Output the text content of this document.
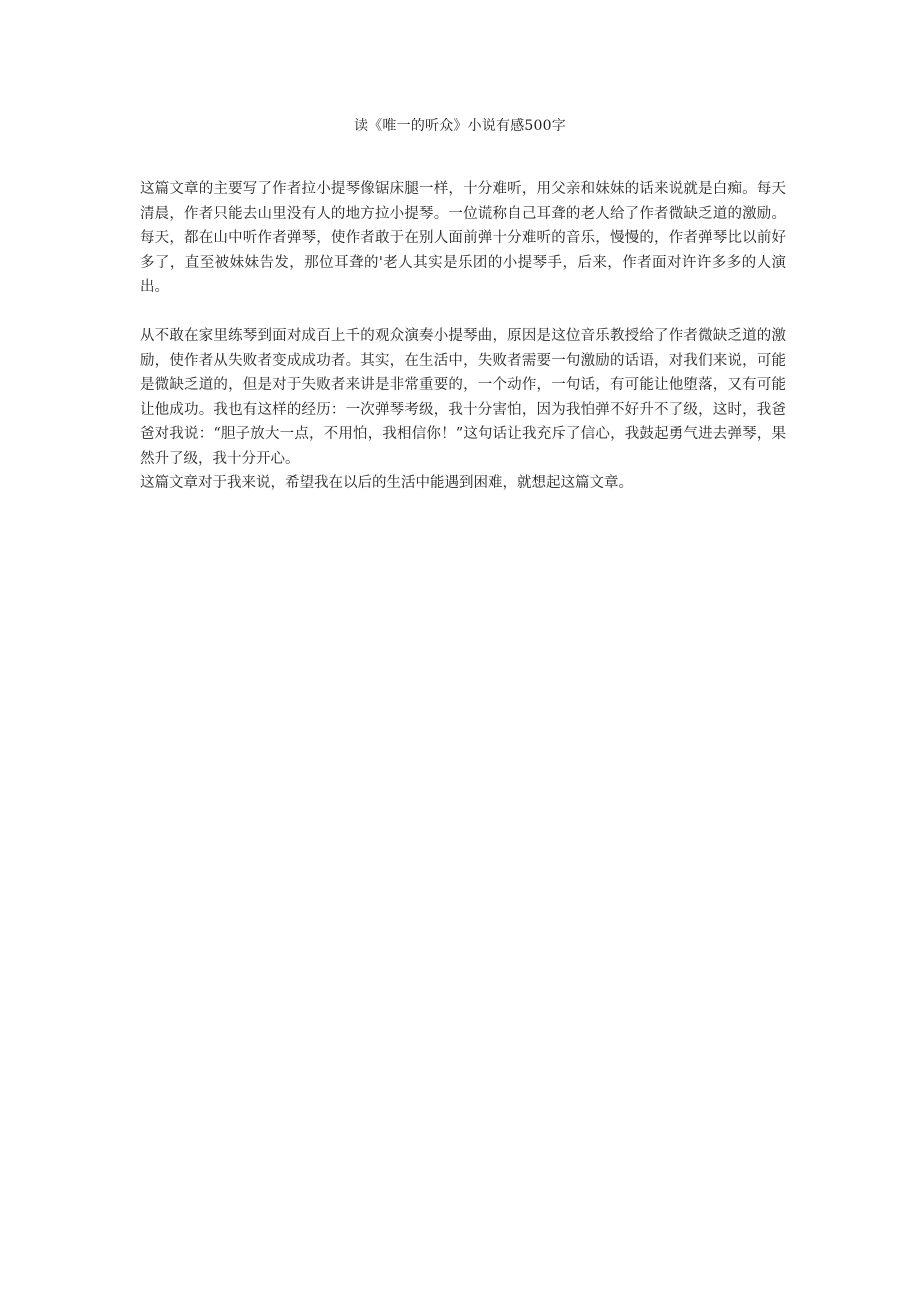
读《唯一的听众》小说有感500字

这篇文章的主要写了作者拉小提琴像锯床腿一样，十分难听，用父亲和妹妹的话来说就是白痴。每天清晨，作者只能去山里没有人的地方拉小提琴。一位谎称自己耳聋的老人给了作者微缺乏道的激励。每天，都在山中听作者弹琴，使作者敢于在别人面前弹十分难听的音乐，慢慢的，作者弹琴比以前好多了，直至被妹妹告发，那位耳聋的'老人其实是乐团的小提琴手，后来，作者面对许许多多的人演出。

从不敢在家里练琴到面对成百上千的观众演奏小提琴曲，原因是这位音乐教授给了作者微缺乏道的激励，使作者从失败者变成成功者。其实，在生活中，失败者需要一句激励的话语，对我们来说，可能是微缺乏道的，但是对于失败者来讲是非常重要的，一个动作，一句话，有可能让他堕落，又有可能让他成功。我也有这样的经历：一次弹琴考级，我十分害怕，因为我怕弹不好升不了级，这时，我爸爸对我说：“胆子放大一点，不用怕，我相信你！”这句话让我充斥了信心，我鼓起勇气进去弹琴，果然升了级，我十分开心。

这篇文章对于我来说，希望我在以后的生活中能遇到困难，就想起这篇文章。
